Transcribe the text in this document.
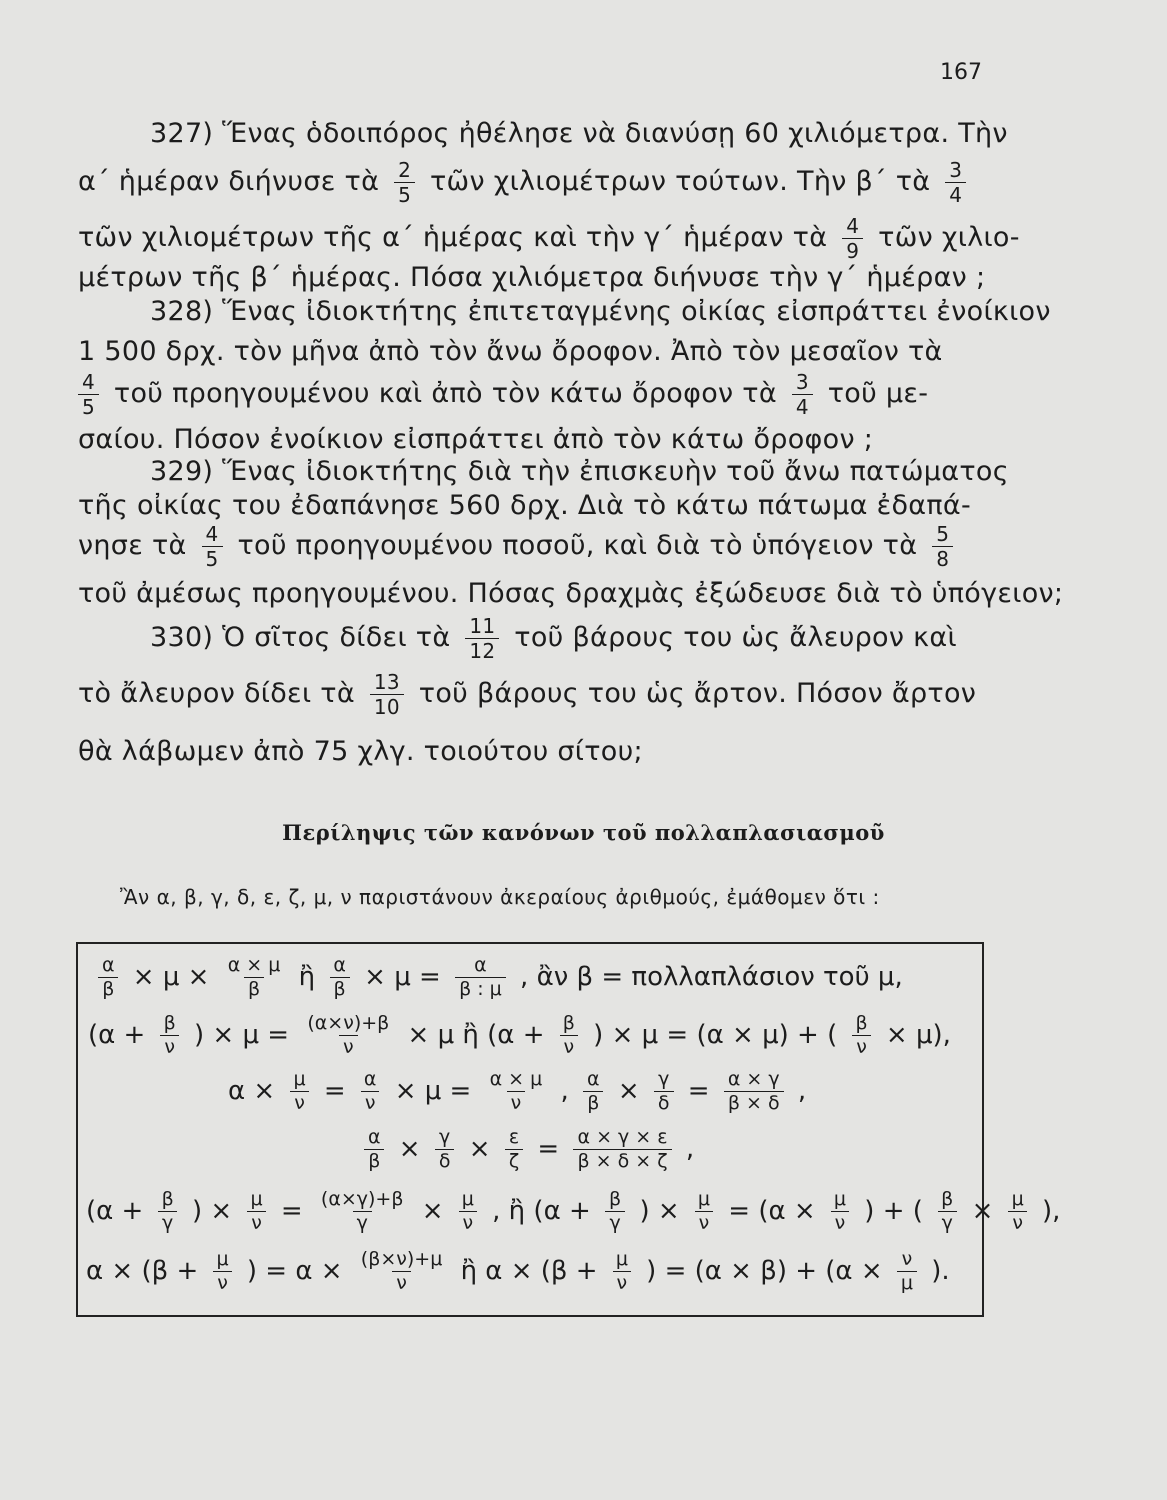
167
327) Ἕνας ὁδοιπόρος ἠθέλησε νὰ διανύσῃ 60 χιλιόμετρα. Τὴν
α΄ ἡμέραν διήνυσε τὰ $\frac{2}{5}$ τῶν χιλιομέτρων τούτων. Τὴν β΄ τὰ $\frac{3}{4}$
τῶν χιλιομέτρων τῆς α΄ ἡμέρας καὶ τὴν γ΄ ἡμέραν τὰ $\frac{4}{9}$ τῶν χιλιο-
μέτρων τῆς β΄ ἡμέρας. Πόσα χιλιόμετρα διήνυσε τὴν γ΄ ἡμέραν ;
328) Ἕνας ἰδιοκτήτης ἐπιτεταγμένης οἰκίας εἰσπράττει ἐνοίκιον
1 500 δρχ. τὸν μῆνα ἀπὸ τὸν ἄνω ὄροφον. Ἀπὸ τὸν μεσαῖον τὰ
$\frac{4}{5}$ τοῦ προηγουμένου καὶ ἀπὸ τὸν κάτω ὄροφον τὰ $\frac{3}{4}$ τοῦ με-
σαίου. Πόσον ἐνοίκιον εἰσπράττει ἀπὸ τὸν κάτω ὄροφον ;
329) Ἕνας ἰδιοκτήτης διὰ τὴν ἐπισκευὴν τοῦ ἄνω πατώματος
τῆς οἰκίας του ἐδαπάνησε 560 δρχ. Διὰ τὸ κάτω πάτωμα ἐδαπά-
νησε τὰ $\frac{4}{5}$ τοῦ προηγουμένου ποσοῦ, καὶ διὰ τὸ ὑπόγειον τὰ $\frac{5}{8}$
τοῦ ἀμέσως προηγουμένου. Πόσας δραχμὰς ἐξώδευσε διὰ τὸ ὑπόγειον;
330) Ὁ σῖτος δίδει τὰ $\frac{11}{12}$ τοῦ βάρους του ὡς ἄλευρον καὶ
τὸ ἄλευρον δίδει τὰ $\frac{13}{10}$ τοῦ βάρους του ὡς ἄρτον. Πόσον ἄρτον
θὰ λάβωμεν ἀπὸ 75 χλγ. τοιούτου σίτου;
Περίληψις τῶν κανόνων τοῦ πολλαπλασιασμοῦ
Ἂν α, β, γ, δ, ε, ζ, μ, ν παριστάνουν ἀκεραίους ἀριθμούς, ἐμάθομεν ὅτι :
$\frac{\alpha}{\beta} \times \mu \times \frac{\alpha \times \mu}{\beta}$ ἢ $\frac{\alpha}{\beta} \times \mu = \frac{\alpha}{\beta : \mu}$ , ἂν β = πολλαπλάσιον τοῦ μ,
($\alpha + \frac{\beta}{\nu}$ ) × $\mu = \frac{(\alpha\times\nu)+\beta}{\nu} \times \mu$ ἢ ($\alpha + \frac{\beta}{\nu}$ ) × μ = (α × μ) + ( $\frac{\beta}{\nu} \times \mu$),
$\alpha \times \frac{\mu}{\nu} = \frac{\alpha}{\nu} \times \mu = \frac{\alpha \times \mu}{\nu}$ , $\frac{\alpha}{\beta} \times \frac{\gamma}{\delta} = \frac{\alpha \times \gamma}{\beta \times \delta}$ ,
$\frac{\alpha}{\beta} \times \frac{\gamma}{\delta} \times \frac{\varepsilon}{\zeta} = \frac{\alpha \times \gamma \times \varepsilon}{\beta \times \delta \times \zeta}$ ,
($\alpha + \frac{\beta}{\gamma}$ ) × $\frac{\mu}{\nu} = \frac{(\alpha\times\gamma)+\beta}{\gamma} \times \frac{\mu}{\nu}$ , ἢ ($\alpha + \frac{\beta}{\gamma}$ ) × $\frac{\mu}{\nu} = (\alpha \times \frac{\mu}{\nu}$ ) + ( $\frac{\beta}{\gamma} \times \frac{\mu}{\nu}$ ),
$\alpha \times (\beta + \frac{\mu}{\nu}$ ) = $\alpha \times \frac{(\beta\times\nu)+\mu}{\nu}$ ἢ $\alpha \times (\beta + \frac{\mu}{\nu}$ ) = $(\alpha \times \beta) + (\alpha \times \frac{\nu}{\mu}$ ).
